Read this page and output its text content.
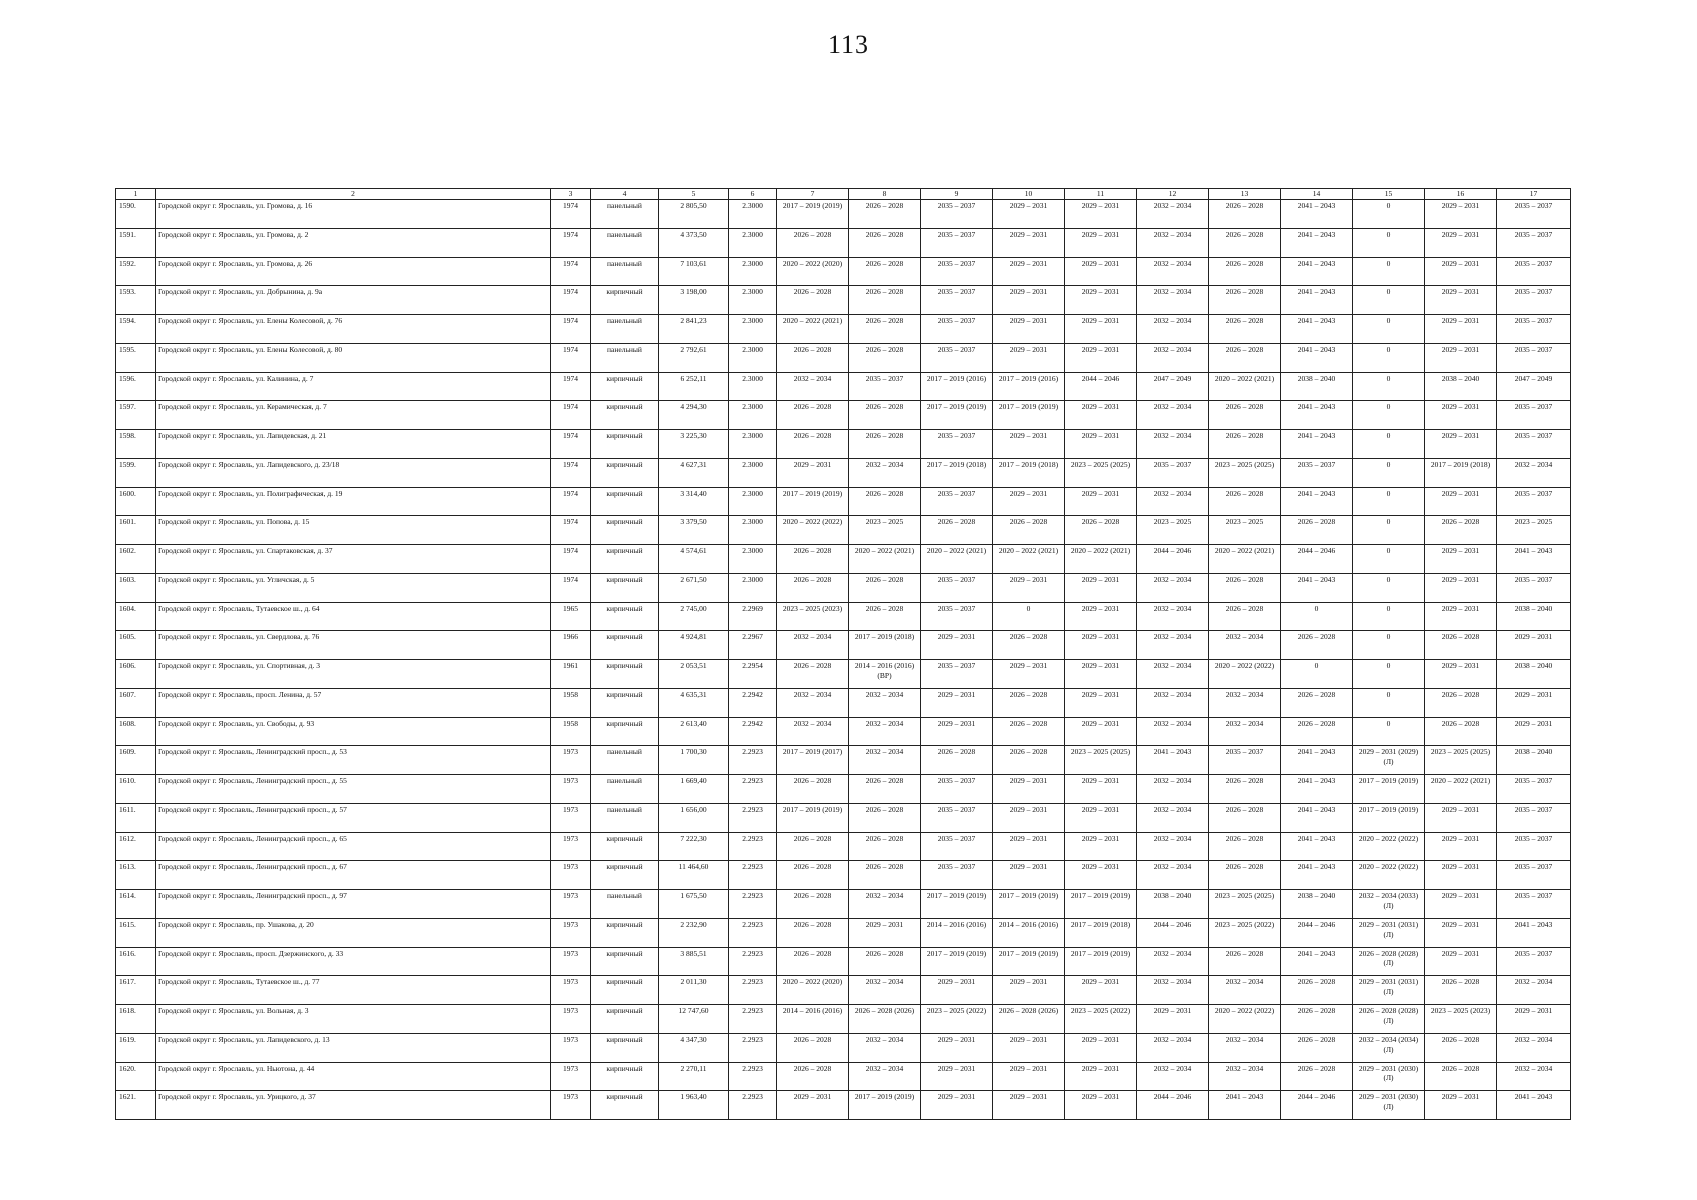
113
1	2	3	4	5	6	7	8	9	10	11	12	13	14	15	16	17
1590.	Городской округ г. Ярославль, ул. Громова, д. 16	1974	панельный	2 805,50	2.3000	2017 – 2019 (2019)	2026 – 2028	2035 – 2037	2029 – 2031	2029 – 2031	2032 – 2034	2026 – 2028	2041 – 2043	0	2029 – 2031	2035 – 2037
1591.	Городской округ г. Ярославль, ул. Громова, д. 2	1974	панельный	4 373,50	2.3000	2026 – 2028	2026 – 2028	2035 – 2037	2029 – 2031	2029 – 2031	2032 – 2034	2026 – 2028	2041 – 2043	0	2029 – 2031	2035 – 2037
1592.	Городской округ г. Ярославль, ул. Громова, д. 26	1974	панельный	7 103,61	2.3000	2020 – 2022 (2020)	2026 – 2028	2035 – 2037	2029 – 2031	2029 – 2031	2032 – 2034	2026 – 2028	2041 – 2043	0	2029 – 2031	2035 – 2037
1593.	Городской округ г. Ярославль, ул. Добрынина, д. 9а	1974	кирпичный	3 198,00	2.3000	2026 – 2028	2026 – 2028	2035 – 2037	2029 – 2031	2029 – 2031	2032 – 2034	2026 – 2028	2041 – 2043	0	2029 – 2031	2035 – 2037
1594.	Городской округ г. Ярославль, ул. Елены Колесовой, д. 76	1974	панельный	2 841,23	2.3000	2020 – 2022 (2021)	2026 – 2028	2035 – 2037	2029 – 2031	2029 – 2031	2032 – 2034	2026 – 2028	2041 – 2043	0	2029 – 2031	2035 – 2037
1595.	Городской округ г. Ярославль, ул. Елены Колесовой, д. 80	1974	панельный	2 792,61	2.3000	2026 – 2028	2026 – 2028	2035 – 2037	2029 – 2031	2029 – 2031	2032 – 2034	2026 – 2028	2041 – 2043	0	2029 – 2031	2035 – 2037
1596.	Городской округ г. Ярославль, ул. Калинина, д. 7	1974	кирпичный	6 252,11	2.3000	2032 – 2034	2035 – 2037	2017 – 2019 (2016)	2017 – 2019 (2016)	2044 – 2046	2047 – 2049	2020 – 2022 (2021)	2038 – 2040	0	2038 – 2040	2047 – 2049
1597.	Городской округ г. Ярославль, ул. Керамическая, д. 7	1974	кирпичный	4 294,30	2.3000	2026 – 2028	2026 – 2028	2017 – 2019 (2019)	2017 – 2019 (2019)	2029 – 2031	2032 – 2034	2026 – 2028	2041 – 2043	0	2029 – 2031	2035 – 2037
1598.	Городской округ г. Ярославль, ул. Лапидевская, д. 21	1974	кирпичный	3 225,30	2.3000	2026 – 2028	2026 – 2028	2035 – 2037	2029 – 2031	2029 – 2031	2032 – 2034	2026 – 2028	2041 – 2043	0	2029 – 2031	2035 – 2037
1599.	Городской округ г. Ярославль, ул. Лапидевского, д. 23/18	1974	кирпичный	4 627,31	2.3000	2029 – 2031	2032 – 2034	2017 – 2019 (2018)	2017 – 2019 (2018)	2023 – 2025 (2025)	2035 – 2037	2023 – 2025 (2025)	2035 – 2037	0	2017 – 2019 (2018)	2032 – 2034
1600.	Городской округ г. Ярославль, ул. Полиграфическая, д. 19	1974	кирпичный	3 314,40	2.3000	2017 – 2019 (2019)	2026 – 2028	2035 – 2037	2029 – 2031	2029 – 2031	2032 – 2034	2026 – 2028	2041 – 2043	0	2029 – 2031	2035 – 2037
1601.	Городской округ г. Ярославль, ул. Попова, д. 15	1974	кирпичный	3 379,50	2.3000	2020 – 2022 (2022)	2023 – 2025	2026 – 2028	2026 – 2028	2026 – 2028	2023 – 2025	2023 – 2025	2026 – 2028	0	2026 – 2028	2023 – 2025
1602.	Городской округ г. Ярославль, ул. Спартаковская, д. 37	1974	кирпичный	4 574,61	2.3000	2026 – 2028	2020 – 2022 (2021)	2020 – 2022 (2021)	2020 – 2022 (2021)	2020 – 2022 (2021)	2044 – 2046	2020 – 2022 (2021)	2044 – 2046	0	2029 – 2031	2041 – 2043
1603.	Городской округ г. Ярославль, ул. Угличская, д. 5	1974	кирпичный	2 671,50	2.3000	2026 – 2028	2026 – 2028	2035 – 2037	2029 – 2031	2029 – 2031	2032 – 2034	2026 – 2028	2041 – 2043	0	2029 – 2031	2035 – 2037
1604.	Городской округ г. Ярославль, Тутаевское ш., д. 64	1965	кирпичный	2 745,00	2.2969	2023 – 2025 (2023)	2026 – 2028	2035 – 2037	0	2029 – 2031	2032 – 2034	2026 – 2028	0	0	2029 – 2031	2038 – 2040
1605.	Городской округ г. Ярославль, ул. Свердлова, д. 76	1966	кирпичный	4 924,81	2.2967	2032 – 2034	2017 – 2019 (2018)	2029 – 2031	2026 – 2028	2029 – 2031	2032 – 2034	2032 – 2034	2026 – 2028	0	2026 – 2028	2029 – 2031
1606.	Городской округ г. Ярославль, ул. Спортивная, д. 3	1961	кирпичный	2 053,51	2.2954	2026 – 2028	2014 – 2016 (2016) (ВР)	2035 – 2037	2029 – 2031	2029 – 2031	2032 – 2034	2020 – 2022 (2022)	0	0	2029 – 2031	2038 – 2040
1607.	Городской округ г. Ярославль, просп. Ленина, д. 57	1958	кирпичный	4 635,31	2.2942	2032 – 2034	2032 – 2034	2029 – 2031	2026 – 2028	2029 – 2031	2032 – 2034	2032 – 2034	2026 – 2028	0	2026 – 2028	2029 – 2031
1608.	Городской округ г. Ярославль, ул. Свободы, д. 93	1958	кирпичный	2 613,40	2.2942	2032 – 2034	2032 – 2034	2029 – 2031	2026 – 2028	2029 – 2031	2032 – 2034	2032 – 2034	2026 – 2028	0	2026 – 2028	2029 – 2031
1609.	Городской округ г. Ярославль, Ленинградский просп., д. 53	1973	панельный	1 700,30	2.2923	2017 – 2019 (2017)	2032 – 2034	2026 – 2028	2026 – 2028	2023 – 2025 (2025)	2041 – 2043	2035 – 2037	2041 – 2043	2029 – 2031 (2029) (Л)	2023 – 2025 (2025)	2038 – 2040
1610.	Городской округ г. Ярославль, Ленинградский просп., д. 55	1973	панельный	1 669,40	2.2923	2026 – 2028	2026 – 2028	2035 – 2037	2029 – 2031	2029 – 2031	2032 – 2034	2026 – 2028	2041 – 2043	2017 – 2019 (2019)	2020 – 2022 (2021)	2035 – 2037
1611.	Городской округ г. Ярославль, Ленинградский просп., д. 57	1973	панельный	1 656,00	2.2923	2017 – 2019 (2019)	2026 – 2028	2035 – 2037	2029 – 2031	2029 – 2031	2032 – 2034	2026 – 2028	2041 – 2043	2017 – 2019 (2019)	2029 – 2031	2035 – 2037
1612.	Городской округ г. Ярославль, Ленинградский просп., д. 65	1973	кирпичный	7 222,30	2.2923	2026 – 2028	2026 – 2028	2035 – 2037	2029 – 2031	2029 – 2031	2032 – 2034	2026 – 2028	2041 – 2043	2020 – 2022 (2022)	2029 – 2031	2035 – 2037
1613.	Городской округ г. Ярославль, Ленинградский просп., д. 67	1973	кирпичный	11 464,60	2.2923	2026 – 2028	2026 – 2028	2035 – 2037	2029 – 2031	2029 – 2031	2032 – 2034	2026 – 2028	2041 – 2043	2020 – 2022 (2022)	2029 – 2031	2035 – 2037
1614.	Городской округ г. Ярославль, Ленинградский просп., д. 97	1973	панельный	1 675,50	2.2923	2026 – 2028	2032 – 2034	2017 – 2019 (2019)	2017 – 2019 (2019)	2017 – 2019 (2019)	2038 – 2040	2023 – 2025 (2025)	2038 – 2040	2032 – 2034 (2033) (Л)	2029 – 2031	2035 – 2037
1615.	Городской округ г. Ярославль, пр. Ушакова, д. 20	1973	кирпичный	2 232,90	2.2923	2026 – 2028	2029 – 2031	2014 – 2016 (2016)	2014 – 2016 (2016)	2017 – 2019 (2018)	2044 – 2046	2023 – 2025 (2022)	2044 – 2046	2029 – 2031 (2031) (Л)	2029 – 2031	2041 – 2043
1616.	Городской округ г. Ярославль, просп. Дзержинского, д. 33	1973	кирпичный	3 885,51	2.2923	2026 – 2028	2026 – 2028	2017 – 2019 (2019)	2017 – 2019 (2019)	2017 – 2019 (2019)	2032 – 2034	2026 – 2028	2041 – 2043	2026 – 2028 (2028) (Л)	2029 – 2031	2035 – 2037
1617.	Городской округ г. Ярославль, Тутаевское ш., д. 77	1973	кирпичный	2 011,30	2.2923	2020 – 2022 (2020)	2032 – 2034	2029 – 2031	2029 – 2031	2029 – 2031	2032 – 2034	2032 – 2034	2026 – 2028	2029 – 2031 (2031) (Л)	2026 – 2028	2032 – 2034
1618.	Городской округ г. Ярославль, ул. Вольная, д. 3	1973	кирпичный	12 747,60	2.2923	2014 – 2016 (2016)	2026 – 2028 (2026)	2023 – 2025 (2022)	2026 – 2028 (2026)	2023 – 2025 (2022)	2029 – 2031	2020 – 2022 (2022)	2026 – 2028	2026 – 2028 (2028) (Л)	2023 – 2025 (2023)	2029 – 2031
1619.	Городской округ г. Ярославль, ул. Лапидевского, д. 13	1973	кирпичный	4 347,30	2.2923	2026 – 2028	2032 – 2034	2029 – 2031	2029 – 2031	2029 – 2031	2032 – 2034	2032 – 2034	2026 – 2028	2032 – 2034 (2034) (Л)	2026 – 2028	2032 – 2034
1620.	Городской округ г. Ярославль, ул. Ньютона, д. 44	1973	кирпичный	2 270,11	2.2923	2026 – 2028	2032 – 2034	2029 – 2031	2029 – 2031	2029 – 2031	2032 – 2034	2032 – 2034	2026 – 2028	2029 – 2031 (2030) (Л)	2026 – 2028	2032 – 2034
1621.	Городской округ г. Ярославль, ул. Урицкого, д. 37	1973	кирпичный	1 963,40	2.2923	2029 – 2031	2017 – 2019 (2019)	2029 – 2031	2029 – 2031	2029 – 2031	2044 – 2046	2041 – 2043	2044 – 2046	2029 – 2031 (2030) (Л)	2029 – 2031	2041 – 2043
